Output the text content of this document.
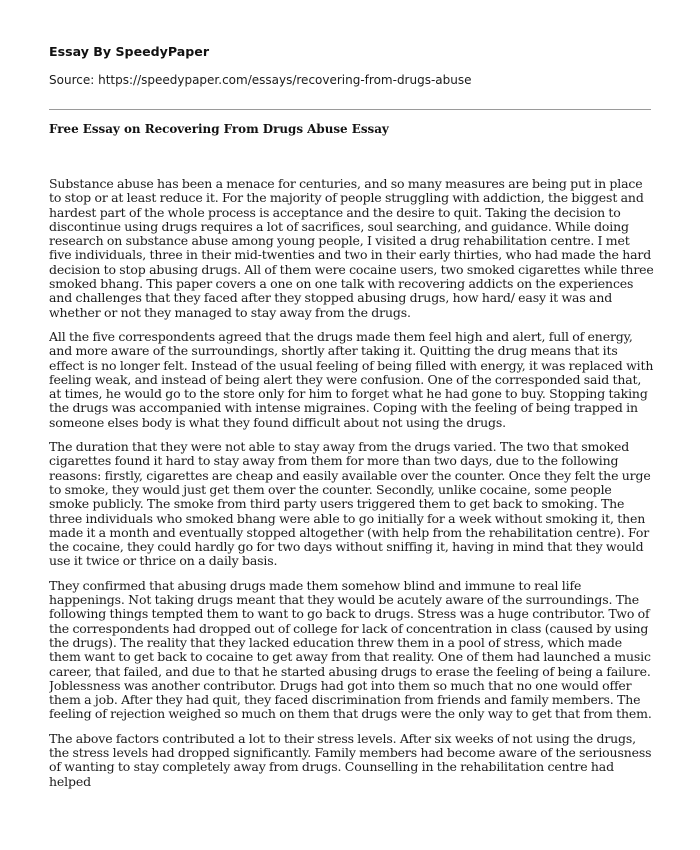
Essay By SpeedyPaper
Source: https://speedypaper.com/essays/recovering-from-drugs-abuse
Free Essay on Recovering From Drugs Abuse Essay

Substance abuse has been a menace for centuries, and so many measures are being put in place to stop or at least reduce it. For the majority of people struggling with addiction, the biggest and hardest part of the whole process is acceptance and the desire to quit. Taking the decision to discontinue using drugs requires a lot of sacrifices, soul searching, and guidance. While doing research on substance abuse among young people, I visited a drug rehabilitation centre. I met five individuals, three in their mid-twenties and two in their early thirties, who had made the hard decision to stop abusing drugs. All of them were cocaine users, two smoked cigarettes while three smoked bhang. This paper covers a one on one talk with recovering addicts on the experiences and challenges that they faced after they stopped abusing drugs, how hard/ easy it was and whether or not they managed to stay away from the drugs.

All the five correspondents agreed that the drugs made them feel high and alert, full of energy, and more aware of the surroundings, shortly after taking it. Quitting the drug means that its effect is no longer felt. Instead of the usual feeling of being filled with energy, it was replaced with feeling weak, and instead of being alert they were confusion. One of the corresponded said that, at times, he would go to the store only for him to forget what he had gone to buy. Stopping taking the drugs was accompanied with intense migraines. Coping with the feeling of being trapped in someone elses body is what they found difficult about not using the drugs.

The duration that they were not able to stay away from the drugs varied. The two that smoked cigarettes found it hard to stay away from them for more than two days, due to the following reasons: firstly, cigarettes are cheap and easily available over the counter. Once they felt the urge to smoke, they would just get them over the counter. Secondly, unlike cocaine, some people smoke publicly. The smoke from third party users triggered them to get back to smoking. The three individuals who smoked bhang were able to go initially for a week without smoking it, then made it a month and eventually stopped altogether (with help from the rehabilitation centre). For the cocaine, they could hardly go for two days without sniffing it, having in mind that they would use it twice or thrice on a daily basis.

They confirmed that abusing drugs made them somehow blind and immune to real life happenings. Not taking drugs meant that they would be acutely aware of the surroundings. The following things tempted them to want to go back to drugs. Stress was a huge contributor. Two of the correspondents had dropped out of college for lack of concentration in class (caused by using the drugs). The reality that they lacked education threw them in a pool of stress, which made them want to get back to cocaine to get away from that reality. One of them had launched a music career, that failed, and due to that he started abusing drugs to erase the feeling of being a failure. Joblessness was another contributor. Drugs had got into them so much that no one would offer them a job. After they had quit, they faced discrimination from friends and family members. The feeling of rejection weighed so much on them that drugs were the only way to get that from them.

The above factors contributed a lot to their stress levels. After six weeks of not using the drugs, the stress levels had dropped significantly. Family members had become aware of the seriousness of wanting to stay completely away from drugs. Counselling in the rehabilitation centre had helped
